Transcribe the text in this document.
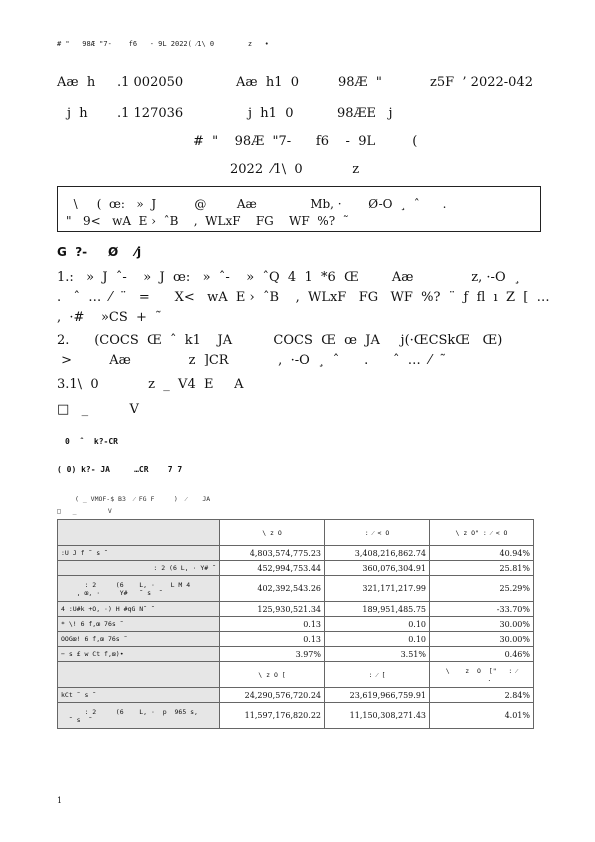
# "   98Æ "7-    f6   - 9L 2022( ⁄1\ 0        z   •
Aæ  h .1 002050	Aæ  h1  0	98Æ  "	z5F  ’ 2022-042
j  h .1 127036	j  h1  0	98ÆE   j
#  "    98Æ  "7-      f6    -  9L         (
2022  ⁄1\  0            z
\     (  œ:   »  J          @        Aæ              Mb, ·       Ø-O  ¸  ˆ      .
"   9<   wA  E ›  ˆB    ,  WLxF    FG    WF  %?  ˜
G  ?-     Ø    ⁄j
1.:   »  J  ˆ-    »  J  œ:   »  ˆ-    »  ˆQ  4  1  *6  Œ        Aæ              z, ·-O  ¸
.   ˆ  …  ⁄  ¨   =      X<   wA  E ›  ˆB    ,  WLxF   FG   WF  %?  ¨  ƒ  fl  ı  Z  [  …
,  ·#    »CS  +  ˜
2.      (COCS  Œ  ˆ  k1    JA          COCS  Œ  œ  JA     j(·ŒCSkŒ   Œ)
>         Aæ              z  ]CR            ,  ·-O  ¸  ˆ      .      ˆ  …  ⁄  ˜
3.1\  0            z  _  V4  E     A
□   _          V
0  ˆ  k?-CR
( 0) k?- JA     …CR    7 7
( _ VMOF-$ B3  ⁄ FG F     )  ⁄    JA
□   _        V
	\ z O	: ⁄ < O	\ z O" : ⁄ < O
:U J f ˜ s ˜	4,803,574,775.23	3,408,216,862.74	40.94%
: 2 (6 L, · Y# ˜	452,994,753.44	360,076,304.91	25.81%
: 2     (6    L, ·    L M 4
, œ, ·     Y#   ˜ s  ˜	402,392,543.26	321,171,217.99	25.29%
4 :U#k +O, ·) H #qG N˜ ˜	125,930,521.34	189,951,485.75	-33.70%
* \! 6 f,œ 76s ˜	0.13	0.10	30.00%
OOGœ! 6 f,œ 76s ˜	0.13	0.10	30.00%
− s £ w Ct f,œ)•	3.97%	3.51%	0.46%
	\ z O [	: ⁄ [	\    z  O  ["   : ⁄
.
kCt ˜ s ˜	24,290,576,720.24	23,619,966,759.91	2.84%
: 2     (6    L, ·  p  965 s,
˜ s  ˜	11,597,176,820.22	11,150,308,271.43	4.01%
1
